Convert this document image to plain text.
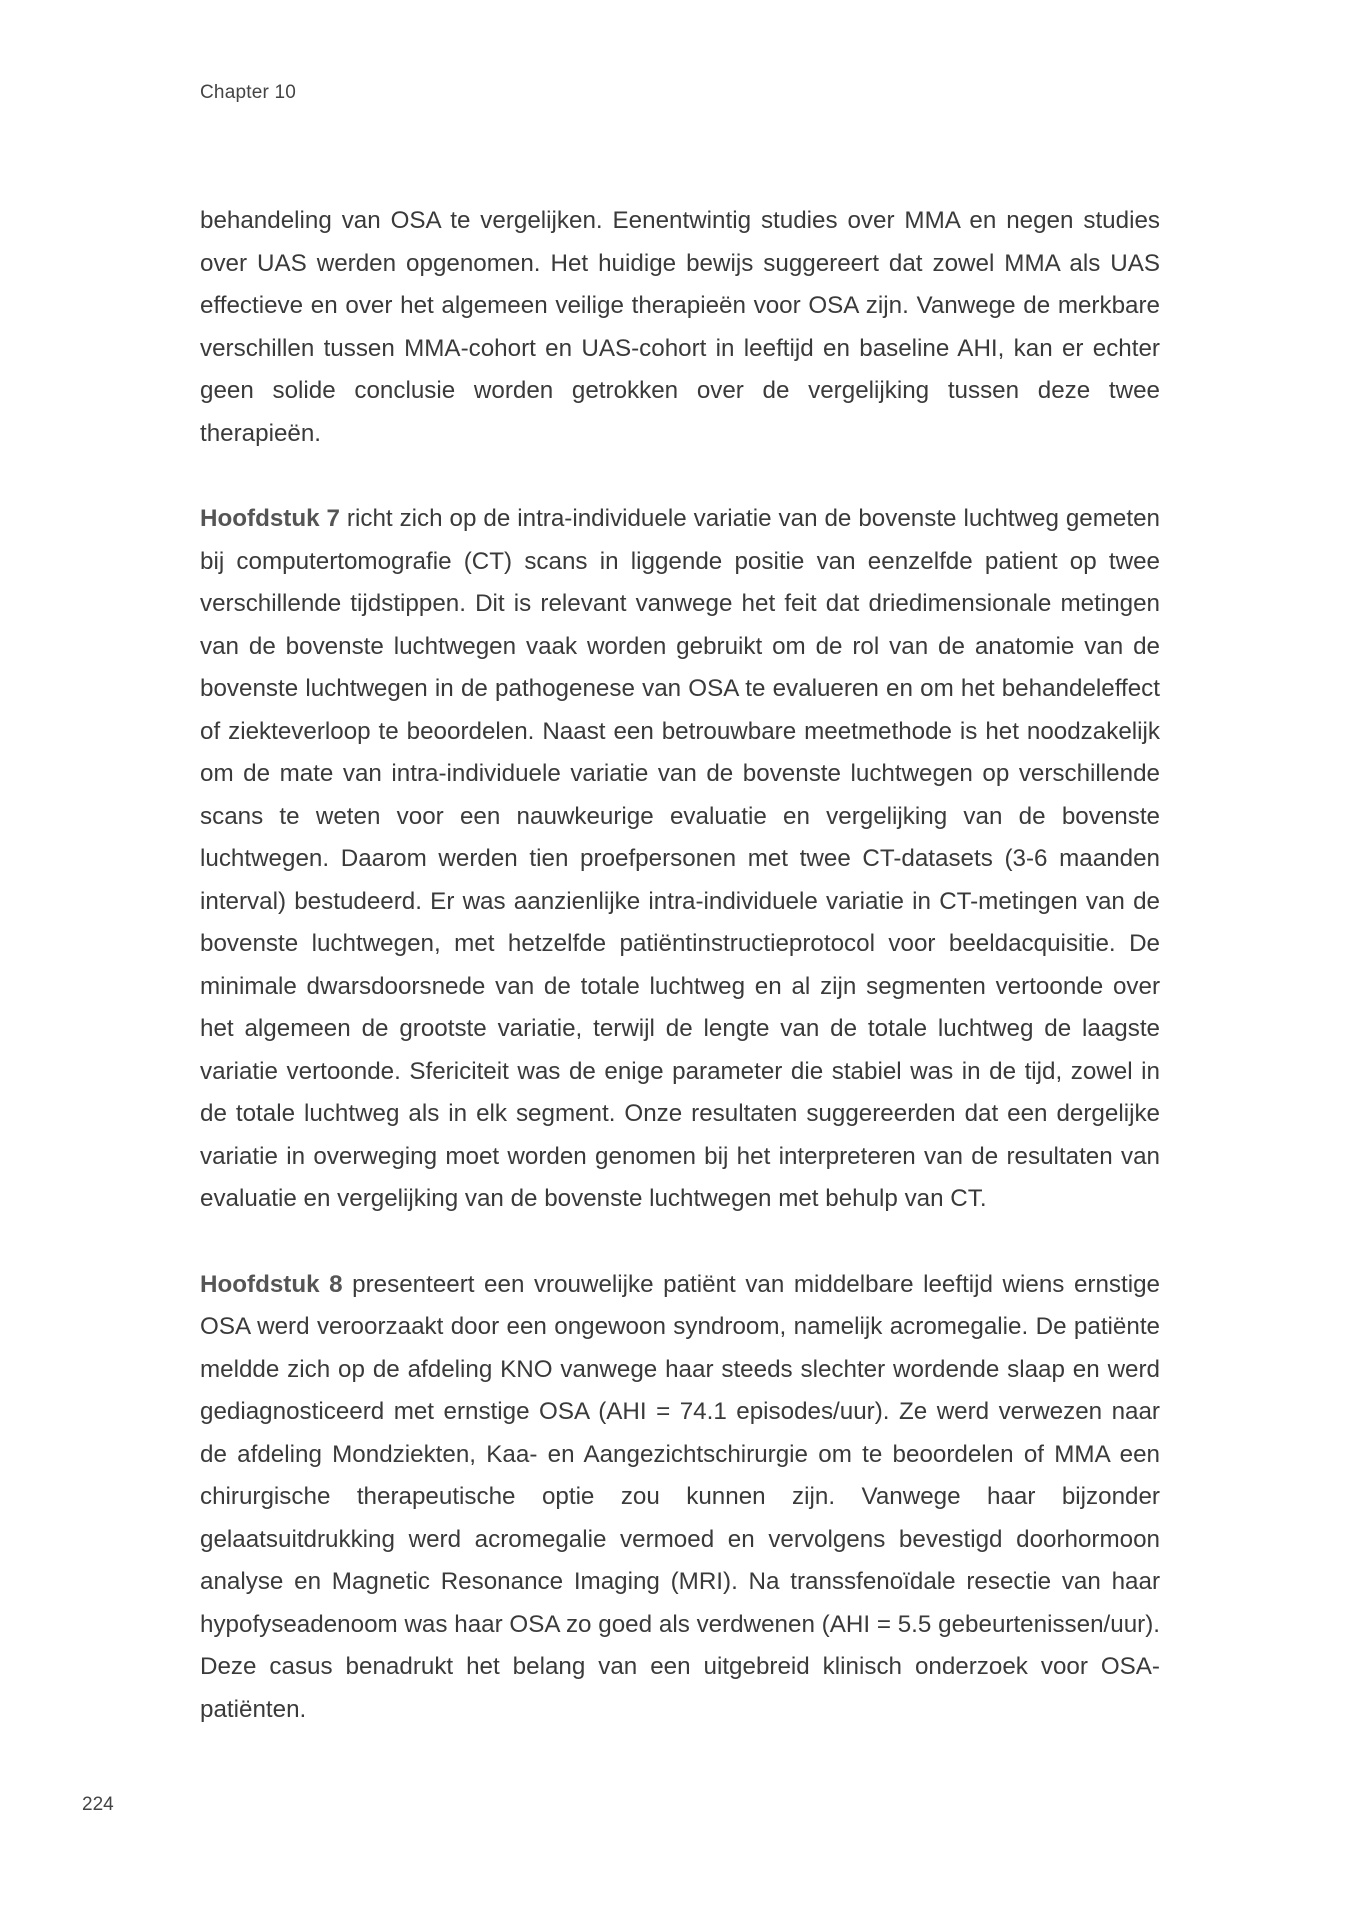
Chapter 10

behandeling van OSA te vergelijken. Eenentwintig studies over MMA en negen studies over UAS werden opgenomen. Het huidige bewijs suggereert dat zowel MMA als UAS effectieve en over het algemeen veilige therapieën voor OSA zijn. Vanwege de merkbare verschillen tussen MMA-cohort en UAS-cohort in leeftijd en baseline AHI, kan er echter geen solide conclusie worden getrokken over de vergelijking tussen deze twee therapieën.

Hoofdstuk 7 richt zich op de intra-individuele variatie van de bovenste luchtweg gemeten bij computertomografie (CT) scans in liggende positie van eenzelfde patient op twee verschillende tijdstippen. Dit is relevant vanwege het feit dat driedimensionale metingen van de bovenste luchtwegen vaak worden gebruikt om de rol van de anatomie van de bovenste luchtwegen in de pathogenese van OSA te evalueren en om het behandeleffect of ziekteverloop te beoordelen. Naast een betrouwbare meetmethode is het noodzakelijk om de mate van intra-individuele variatie van de bovenste luchtwegen op verschillende scans te weten voor een nauwkeurige evaluatie en vergelijking van de bovenste luchtwegen. Daarom werden tien proefpersonen met twee CT-datasets (3-6 maanden interval) bestudeerd. Er was aanzienlijke intra-individuele variatie in CT-metingen van de bovenste luchtwegen, met hetzelfde patiëntinstructieprotocol voor beeldacquisitie. De minimale dwarsdoorsnede van de totale luchtweg en al zijn segmenten vertoonde over het algemeen de grootste variatie, terwijl de lengte van de totale luchtweg de laagste variatie vertoonde. Sfericiteit was de enige parameter die stabiel was in de tijd, zowel in de totale luchtweg als in elk segment. Onze resultaten suggereerden dat een dergelijke variatie in overweging moet worden genomen bij het interpreteren van de resultaten van evaluatie en vergelijking van de bovenste luchtwegen met behulp van CT.

Hoofdstuk 8 presenteert een vrouwelijke patiënt van middelbare leeftijd wiens ernstige OSA werd veroorzaakt door een ongewoon syndroom, namelijk acromegalie. De patiënte meldde zich op de afdeling KNO vanwege haar steeds slechter wordende slaap en werd gediagnosticeerd met ernstige OSA (AHI = 74.1 episodes/uur). Ze werd verwezen naar de afdeling Mondziekten, Kaa- en Aangezichtschirurgie om te beoordelen of MMA een chirurgische therapeutische optie zou kunnen zijn. Vanwege haar bijzonder gelaatsuitdrukking werd acromegalie vermoed en vervolgens bevestigd doorhormoon analyse en Magnetic Resonance Imaging (MRI). Na transsfenoïdale resectie van haar hypofyseadenoom was haar OSA zo goed als verdwenen (AHI = 5.5 gebeurtenissen/uur). Deze casus benadrukt het belang van een uitgebreid klinisch onderzoek voor OSA-patiënten.

224
